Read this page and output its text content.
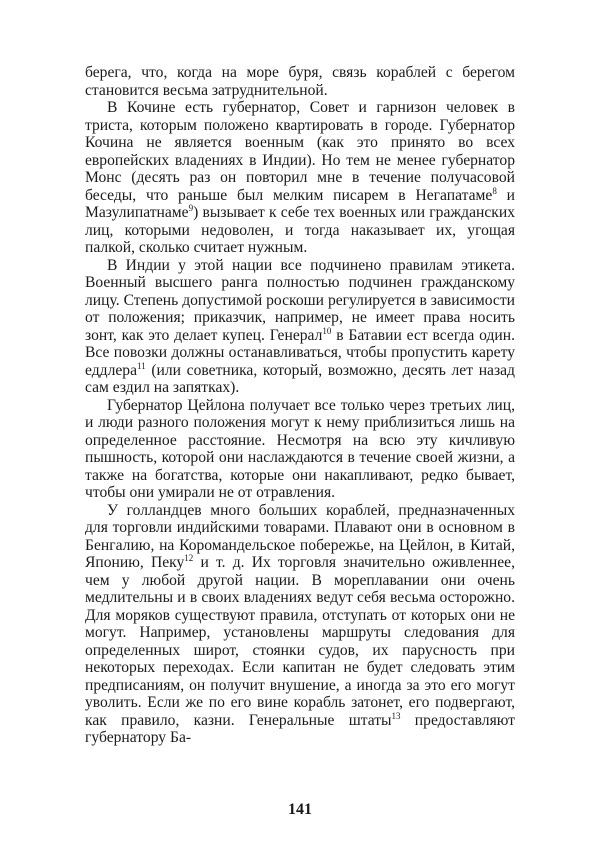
берега, что, когда на море буря, связь кораблей с берегом становится весьма затруднительной.

В Кочине есть губернатор, Совет и гарнизон человек в триста, которым положено квартировать в городе. Губернатор Кочина не является военным (как это принято во всех европейских владениях в Индии). Но тем не менее губернатор Монс (десять раз он повторил мне в течение получасовой беседы, что раньше был мелким писарем в Негапатаме$^8$ и Мазулипатнаме$^9$) вызывает к себе тех военных или гражданских лиц, которыми недоволен, и тогда наказывает их, угощая палкой, сколько считает нужным.

В Индии у этой нации все подчинено правилам этикета. Военный высшего ранга полностью подчинен гражданскому лицу. Степень допустимой роскоши регулируется в зависимости от положения; приказчик, например, не имеет права носить зонт, как это делает купец. Генерал$^{10}$ в Батавии ест всегда один. Все повозки должны останавливаться, чтобы пропустить карету еддлера$^{11}$ (или советника, который, возможно, десять лет назад сам ездил на запятках).

Губернатор Цейлона получает все только через третьих лиц, и люди разного положения могут к нему приблизиться лишь на определенное расстояние. Несмотря на всю эту кичливую пышность, которой они наслаждаются в течение своей жизни, а также на богатства, которые они накапливают, редко бывает, чтобы они умирали не от отравления.

У голландцев много больших кораблей, предназначенных для торговли индийскими товарами. Плавают они в основном в Бенгалию, на Коромандельское побережье, на Цейлон, в Китай, Японию, Пеку$^{12}$ и т. д. Их торговля значительно оживленнее, чем у любой другой нации. В мореплавании они очень медлительны и в своих владениях ведут себя весьма осторожно. Для моряков существуют правила, отступать от которых они не могут. Например, установлены маршруты следования для определенных широт, стоянки судов, их парусность при некоторых переходах. Если капитан не будет следовать этим предписаниям, он получит внушение, а иногда за это его могут уволить. Если же по его вине корабль затонет, его подвергают, как правило, казни. Генеральные штаты$^{13}$ предоставляют губернатору Ба-

141
